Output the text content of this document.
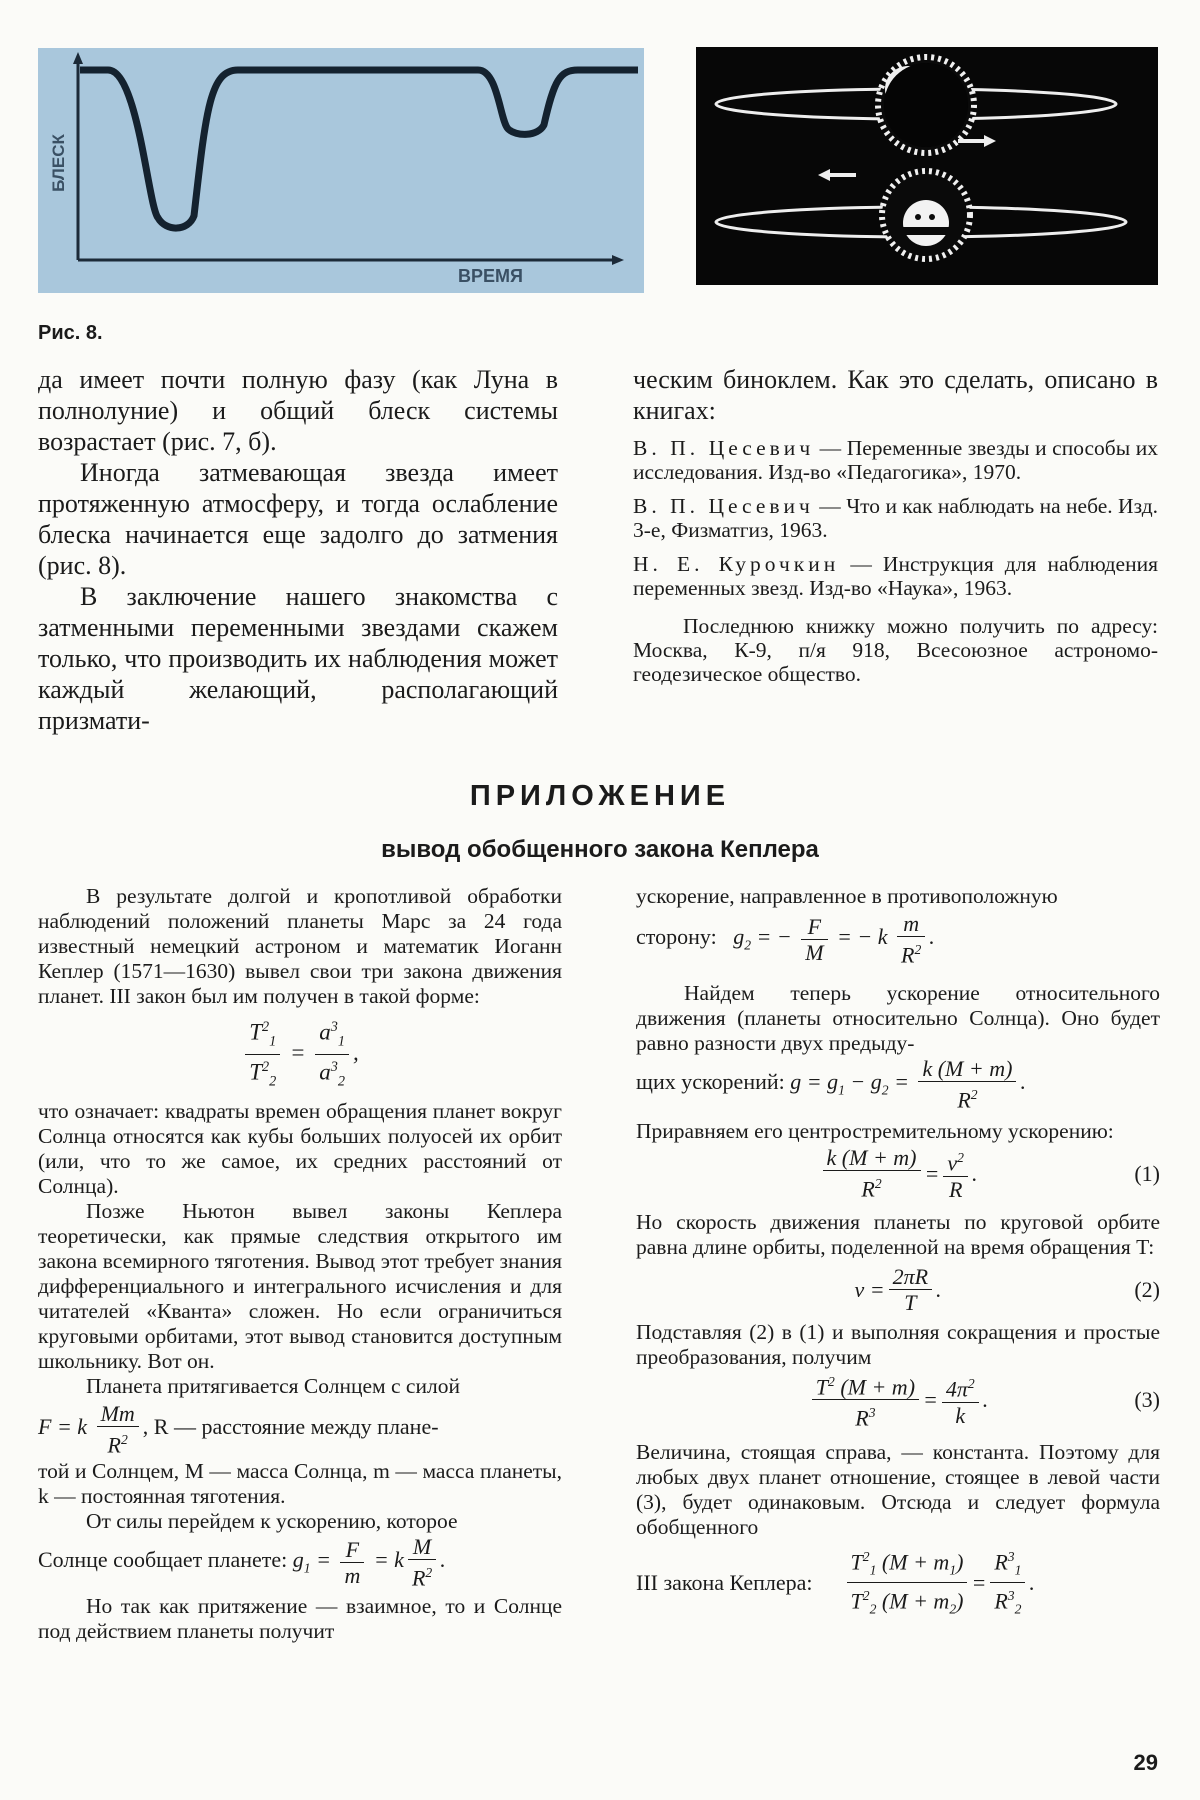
БЛЕСК
ВРЕМЯ
Рис. 8.

да имеет почти полную фазу (как Луна в полнолуние) и общий блеск системы возрастает (рис. 7, б).

Иногда затмевающая звезда имеет протяженную атмосферу, и тогда ослабление блеска начинается еще задолго до затмения (рис. 8).

В заключение нашего знакомства с затменными переменными звездами скажем только, что производить их наблюдения может каждый желающий, располагающий призмати-

ческим биноклем. Как это сделать, описано в книгах:
В. П. Цесевич — Переменные звезды и способы их исследования. Изд-во «Педагогика», 1970.
В. П. Цесевич — Что и как наблюдать на небе. Изд. 3-е, Физматгиз, 1963.
Н. Е. Курочкин — Инструкция для наблюдения переменных звезд. Изд-во «Наука», 1963.
Последнюю книжку можно получить по адресу: Москва, К-9, п/я 918, Всесоюзное астрономо-геодезическое общество.
ПРИЛОЖЕНИЕ
вывод обобщенного закона Кеплера

В результате долгой и кропотливой обработки наблюдений положений планеты Марс за 24 года известный немецкий астроном и математик Иоганн Кеплер (1571—1630) вывел свои три закона движения планет. III закон был им получен в такой форме:

$\frac{T^2_1}{T^2_2} = \frac{a^3_1}{a^3_2}$ ,

что означает: квадраты времен обращения планет вокруг Солнца относятся как кубы больших полуосей их орбит (или, что то же самое, их средних расстояний от Солнца).

Позже Ньютон вывел законы Кеплера теоретически, как прямые следствия открытого им закона всемирного тяготения. Вывод этот требует знания дифференциального и интегрального исчисления и для читателей «Кванта» сложен. Но если ограничиться круговыми орбитами, этот вывод становится доступным школьнику. Вот он.

Планета притягивается Солнцем с силой

F = k $\frac{Mm}{R^2}$ , R — расстояние между плане-

той и Солнцем, M — масса Солнца, m — масса планеты, k — постоянная тяготения.

От силы перейдем к ускорению, которое

Солнце сообщает планете: $g_1 = \frac{F}{m} = k \frac{M}{R^2}$ .

Но так как притяжение — взаимное, то и Солнце под действием планеты получит

ускорение, направленное в противоположную

сторону:   $g_2$ = − $\frac{F}{M}$ = − k $\frac{m}{R^2}$ .

Найдем теперь ускорение относительного движения (планеты относительно Солнца). Оно будет равно разности двух предыду-

щих ускорений: $g = g_1 - g_2 = \frac{k (M + m)}{R^2}$ .

Приравняем его центростремительному ускорению:

$\frac{k (M + m)}{R^2} = \frac{v^2}{R}$ .	(1)

Но скорость движения планеты по круговой орбите равна длине орбиты, поделенной на время обращения T:

$v = \frac{2\pi R}{T}$ .	(2)

Подставляя (2) в (1) и выполняя сокращения и простые преобразования, получим

$\frac{T^2 (M + m)}{R^3} = \frac{4\pi^2}{k}$ .	(3)

Величина, стоящая справа, — константа. Поэтому для любых двух планет отношение, стоящее в левой части (3), будет одинаковым. Отсюда и следует формула обобщенного

III закона Кеплера: $\frac{T^2_1 (M + m_1)}{T^2_2 (M + m_2)} = \frac{R^3_1}{R^3_2}$ .
29
